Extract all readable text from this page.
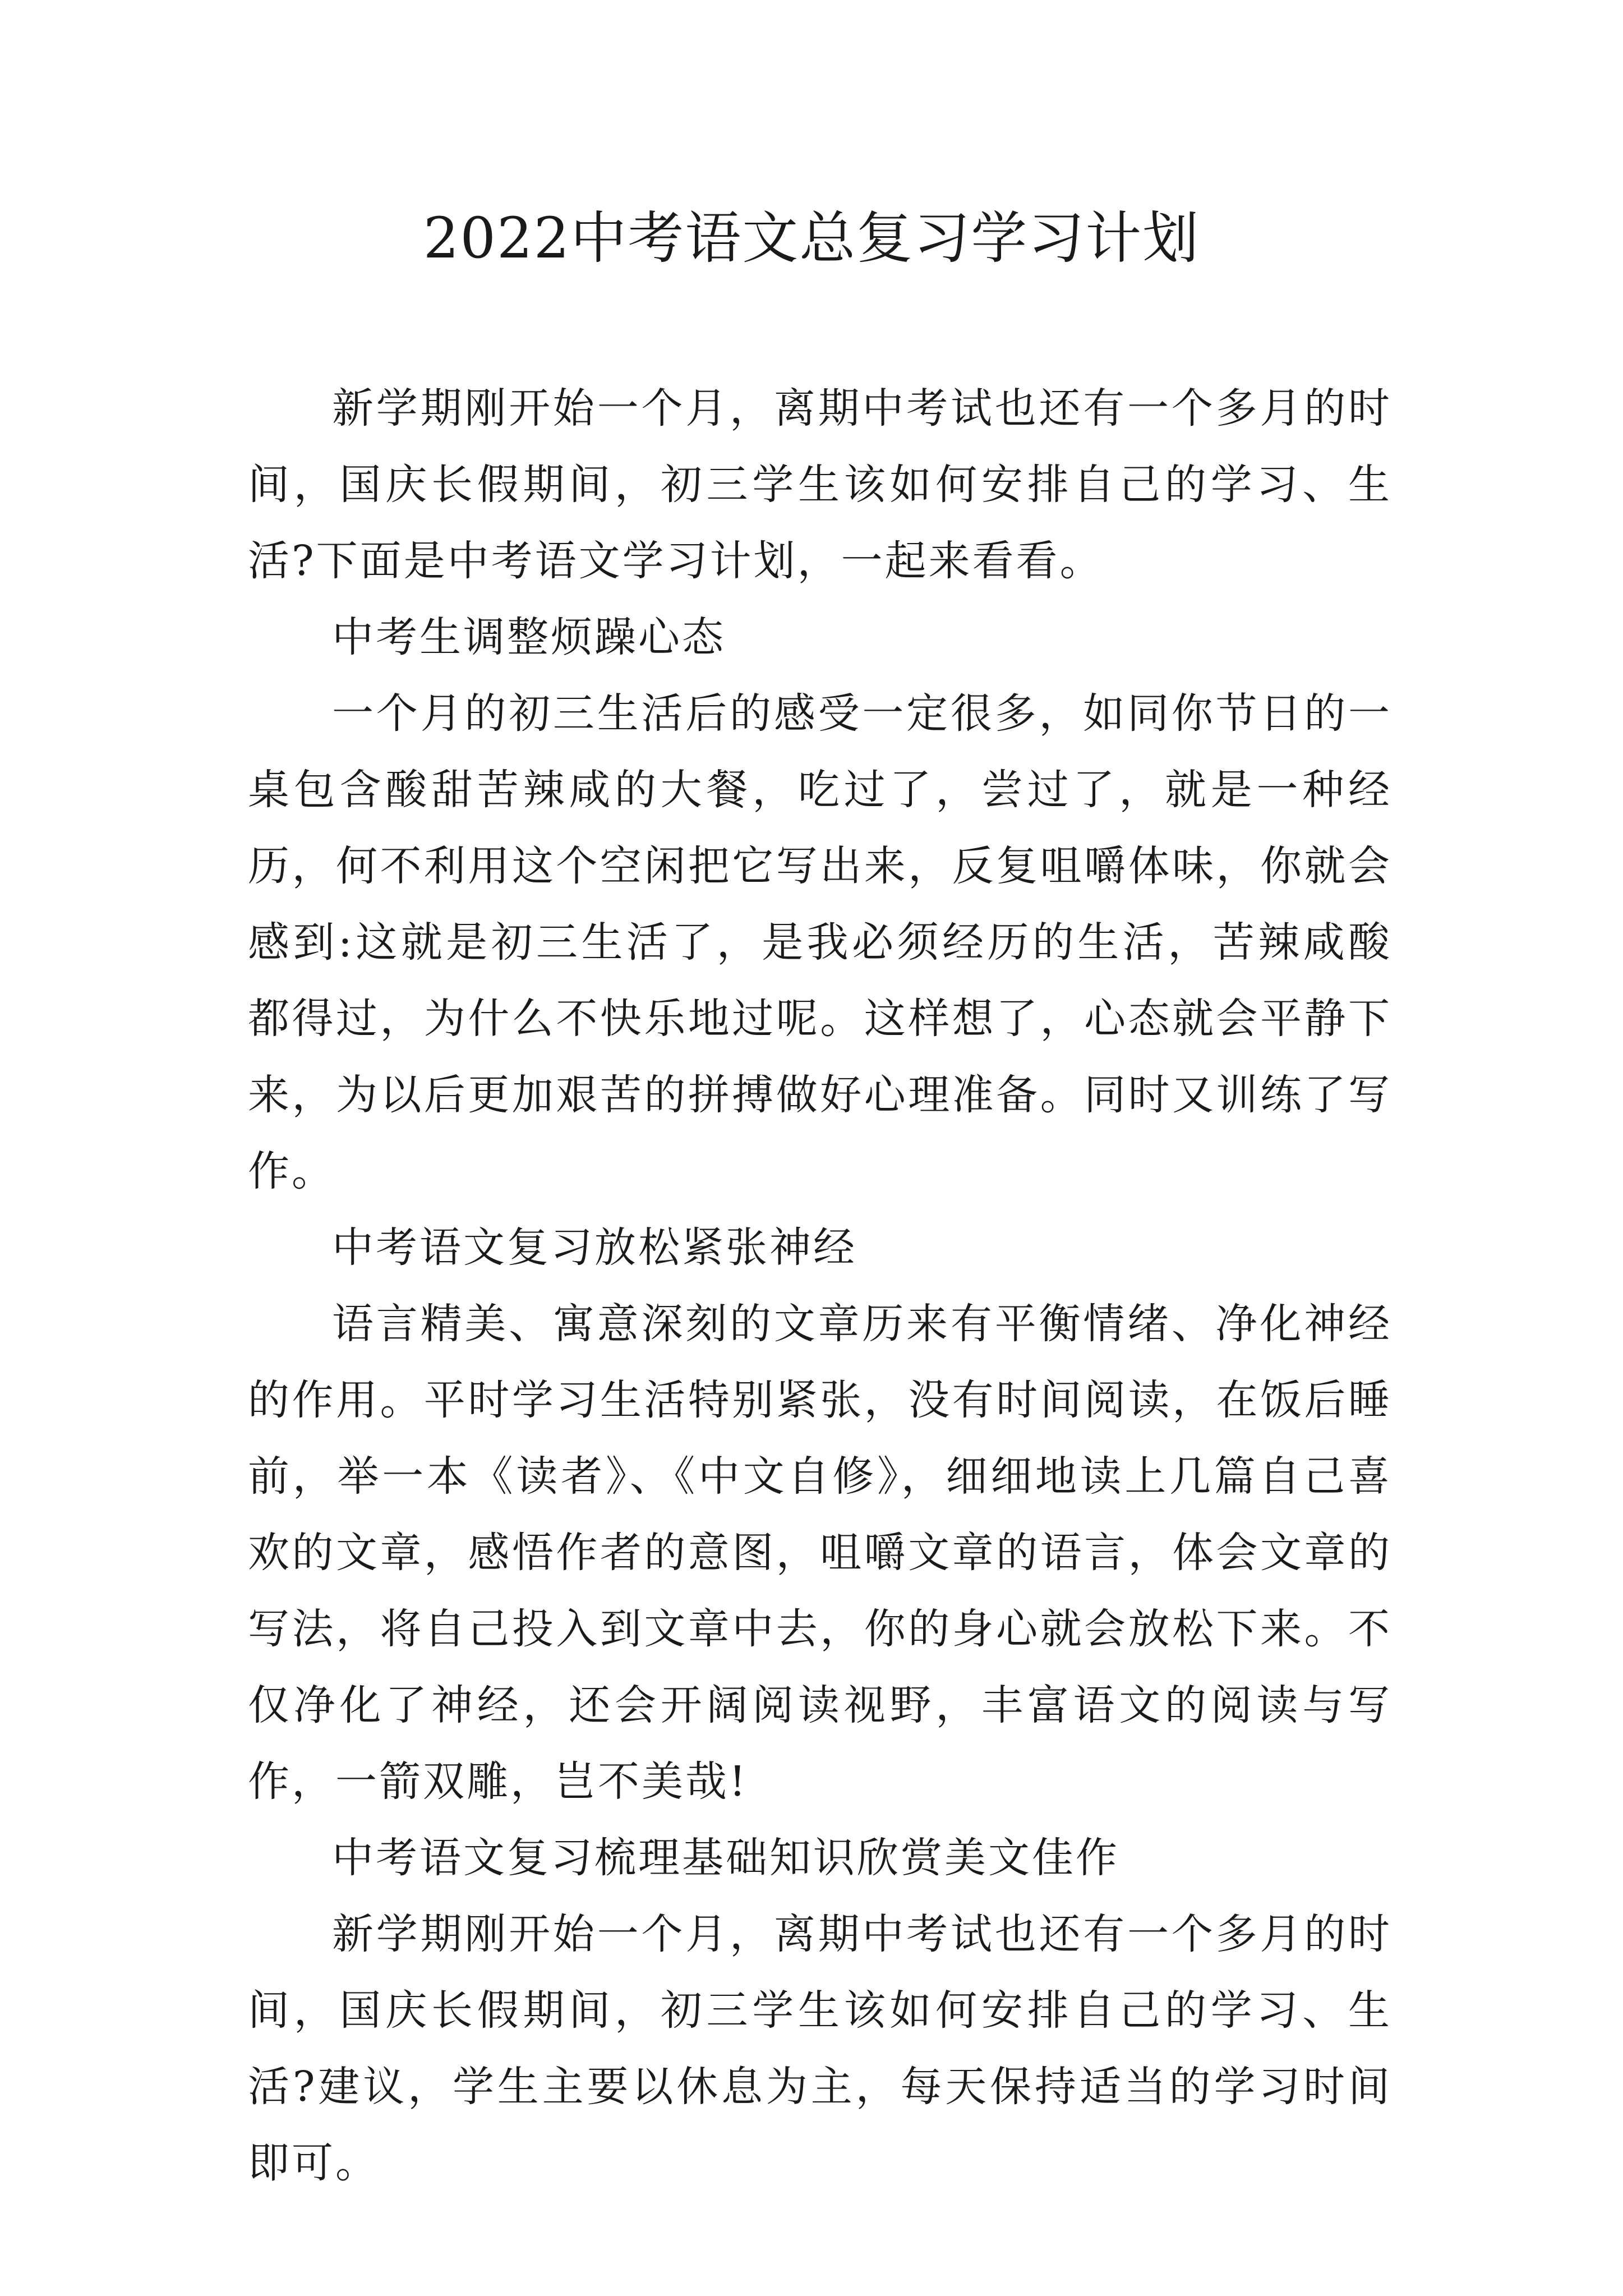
2022中考语文总复习学习计划

新学期刚开始一个月，离期中考试也还有一个多月的时间，国庆长假期间，初三学生该如何安排自己的学习、生活?下面是中考语文学习计划，一起来看看。

中考生调整烦躁心态

一个月的初三生活后的感受一定很多，如同你节日的一桌包含酸甜苦辣咸的大餐，吃过了，尝过了，就是一种经历，何不利用这个空闲把它写出来，反复咀嚼体味，你就会感到:这就是初三生活了，是我必须经历的生活，苦辣咸酸都得过，为什么不快乐地过呢。这样想了，心态就会平静下来，为以后更加艰苦的拼搏做好心理准备。同时又训练了写作。

中考语文复习放松紧张神经

语言精美、寓意深刻的文章历来有平衡情绪、净化神经的作用。平时学习生活特别紧张，没有时间阅读，在饭后睡前，举一本《读者》、《中文自修》，细细地读上几篇自己喜欢的文章，感悟作者的意图，咀嚼文章的语言，体会文章的写法，将自己投入到文章中去，你的身心就会放松下来。不仅净化了神经，还会开阔阅读视野，丰富语文的阅读与写作，一箭双雕，岂不美哉!

中考语文复习梳理基础知识欣赏美文佳作

新学期刚开始一个月，离期中考试也还有一个多月的时间，国庆长假期间，初三学生该如何安排自己的学习、生活?建议，学生主要以休息为主，每天保持适当的学习时间即可。
